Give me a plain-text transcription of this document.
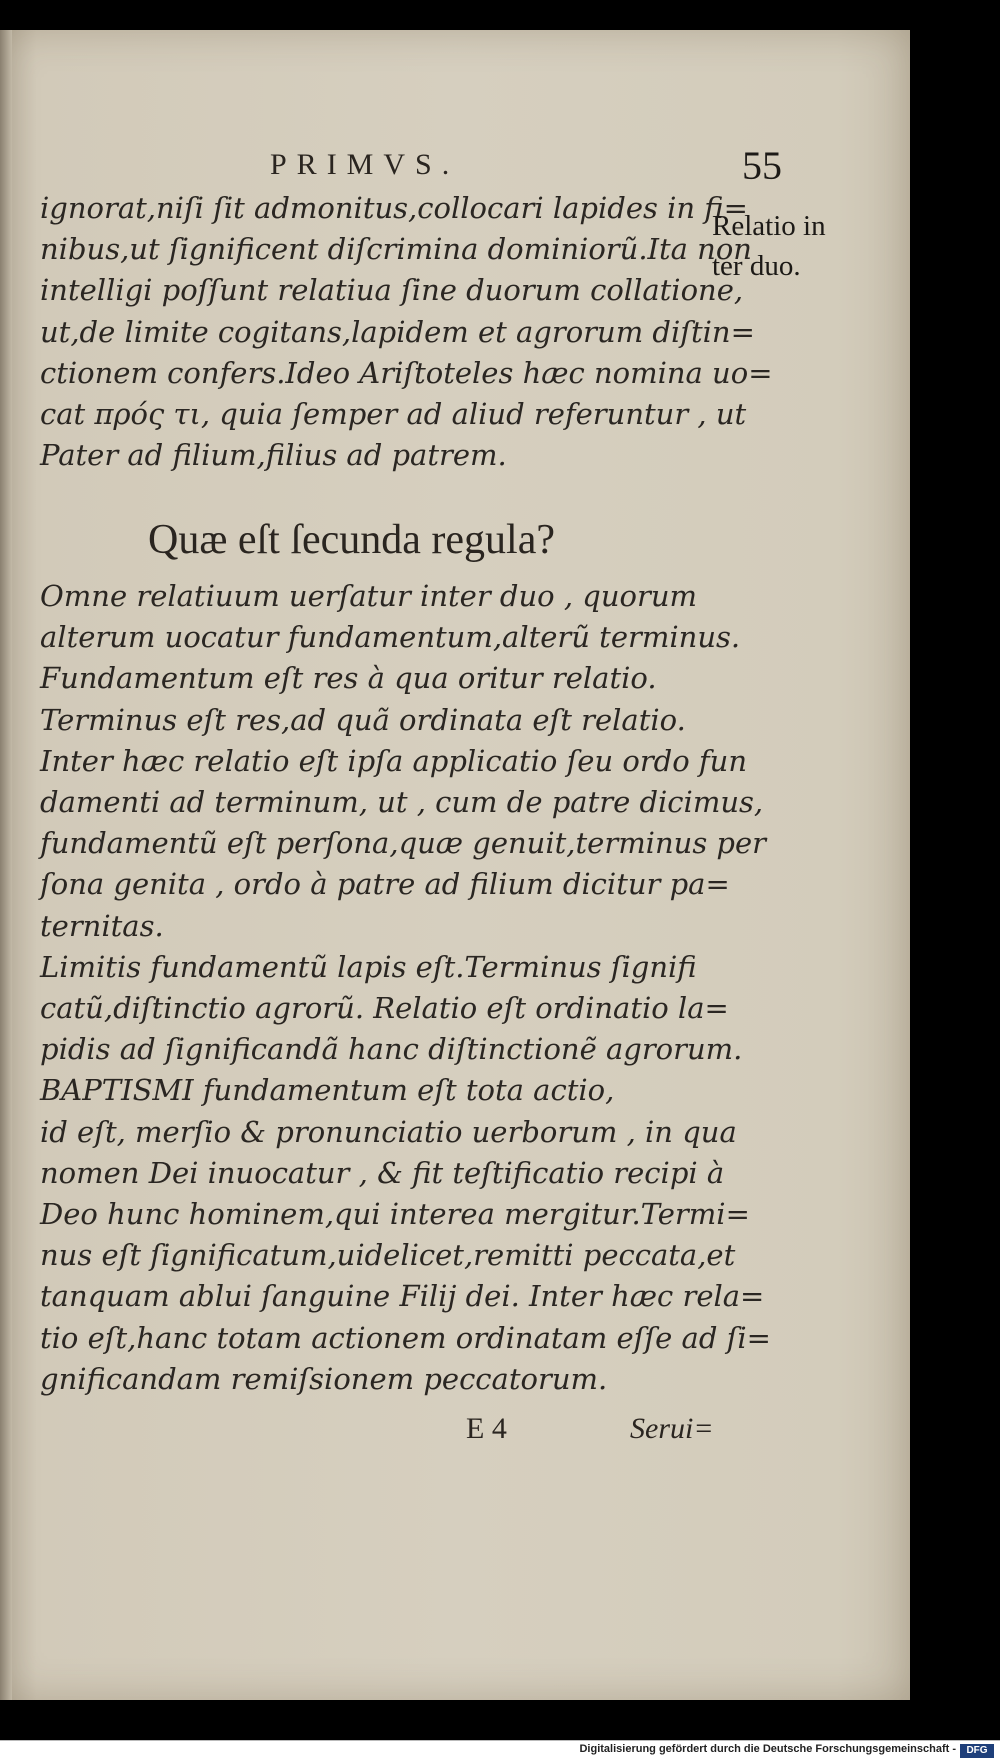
PRIMVS.	55
ignorat,niſi ſit admonitus,collocari lapides in fi=
nibus,ut ſignificent diſcrimina dominiorũ.Ita non
intelligi poſſunt relatiua ſine duorum collatione,
ut,de limite cogitans,lapidem et agrorum diſtin=
ctionem confers.Ideo Ariſtoteles hæc nomina uo=
cat πρός τι, quia ſemper ad aliud referuntur , ut
Pater ad filium,filius ad patrem.
Relatio in
ter duo.
Quæ eſt ſecunda regula?
Omne relatiuum uerſatur inter duo , quorum
alterum uocatur fundamentum,alterũ terminus.
Fundamentum eſt res à qua oritur relatio.
Terminus eſt res,ad quã ordinata eſt relatio.
Inter hæc relatio eſt ipſa applicatio ſeu ordo fun
damenti ad terminum, ut , cum de patre dicimus,
fundamentũ eſt perſona,quæ genuit,terminus per
ſona genita , ordo à patre ad filium dicitur pa=
ternitas.
Limitis fundamentũ lapis eſt.Terminus ſignifi
catũ,diſtinctio agrorũ. Relatio eſt ordinatio la=
pidis ad ſignificandã hanc diſtinctionẽ agrorum.
BAPTISMI fundamentum eſt tota actio,
id eſt, merſio & pronunciatio uerborum , in qua
nomen Dei inuocatur , & fit teſtificatio recipi à
Deo hunc hominem,qui interea mergitur.Termi=
nus eſt ſignificatum,uidelicet,remitti peccata,et
tanquam ablui ſanguine Filij dei. Inter hæc rela=
tio eſt,hanc totam actionem ordinatam eſſe ad ſi=
gnificandam remiſsionem peccatorum.
E 4	Serui=
Digitalisierung gefördert durch die Deutsche Forschungsgemeinschaft -	DFG
